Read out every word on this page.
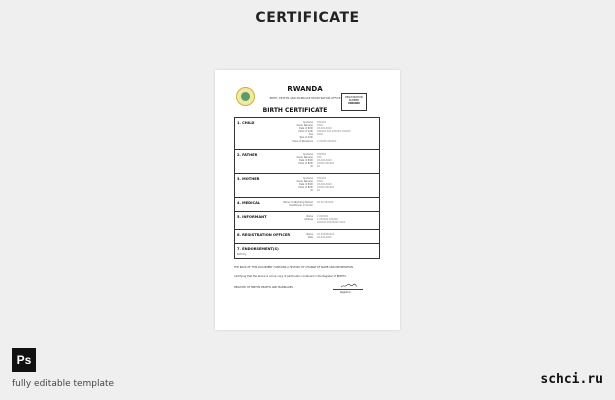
CERTIFICATE
RWANDA
BIRTH, DEATHS AND MARRIAGE REGISTRATION OFFICE	REGISTRATION
NUMBER
0000000
BIRTH CERTIFICATE
1. CHILD	Surname XXXXXX
Given Name(s) XXXX
Date of Birth XX-XXX-XXXX
Place of birth XXXXXX XXX XXXXXX XXXXXX
Sex XXXX
Type of birth
Place of Residence X XXXXX XXXXXX
2. FATHER	Surname XXXXXX
Given Name(s) XXX
Date of Birth XX-XXX-XXXX
Place of Birth XXXXX XXXXXX
ID XX
3. MOTHER	Surname XXXXXX
Given Name(s) XXXX
Date of Birth XX-XXX-XXXX
Place of Birth XXXXX XXXXXX
ID XX
4. MEDICAL	Name of attending Medical XX XX XXXXXX
Practitioner or Doctor
5. INFORMANT	Name X XXXXXX
Address X XXXXXX XXXXXX
XXXXXX XXXXXXXX XXXX
6. REGISTRATION OFFICER	Name XX XXXXXXXXX
Date XX-XXX-XXXX
7. ENDORSEMENT(S)
Nothing
THE BACK OF THIS DOCUMENT CONTAINS A HISTORY OF CHANGE OF NAME AND INFORMATION
Certifying that the above is a true copy of particulars contained in the Register of BIRTHS.
REGISTRY OF BIRTHS DEATHS AND MARRIAGES
Registrar
Ps
fully editable template	schci.ru
